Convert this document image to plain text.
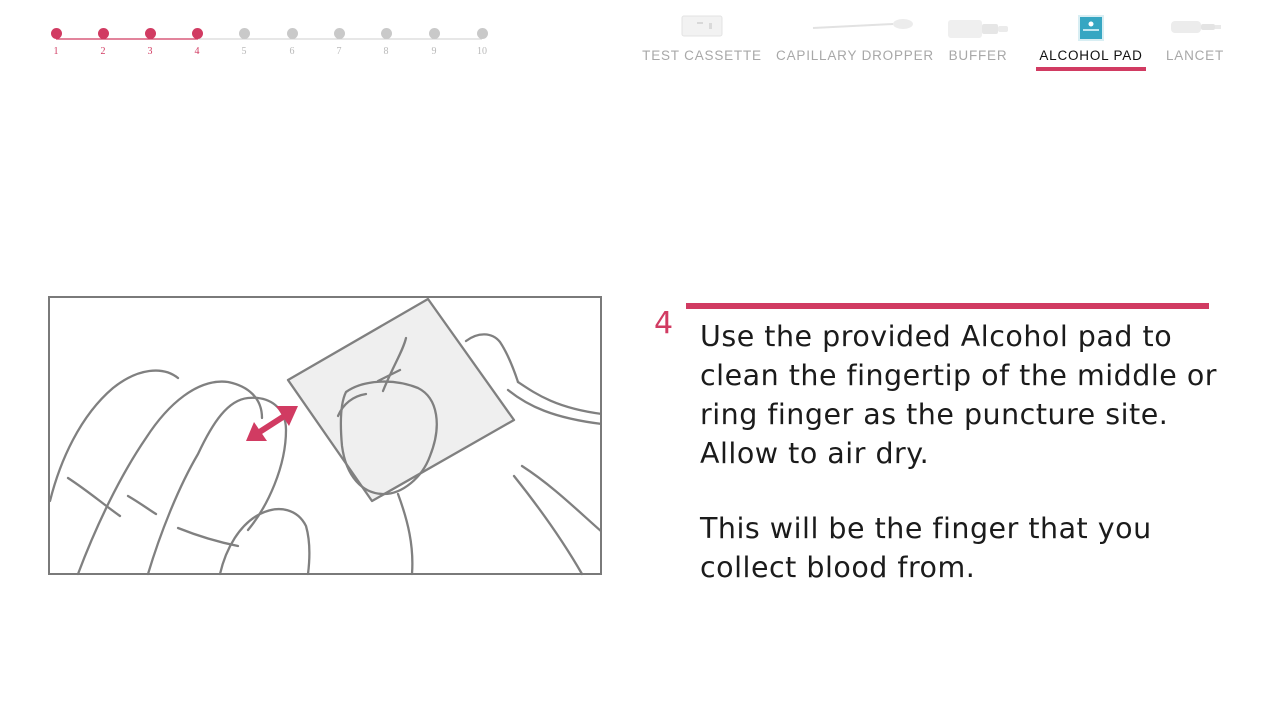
1	2	3	4	5	6	7	8	9	10	TEST CASSETTE CAPILLARY DROPPER BUFFER ALCOHOL PAD LANCET
4 Use the provided Alcohol pad to clean the fingertip of the middle or ring finger as the puncture site. Allow to air dry.

This will be the finger that you collect blood from.
